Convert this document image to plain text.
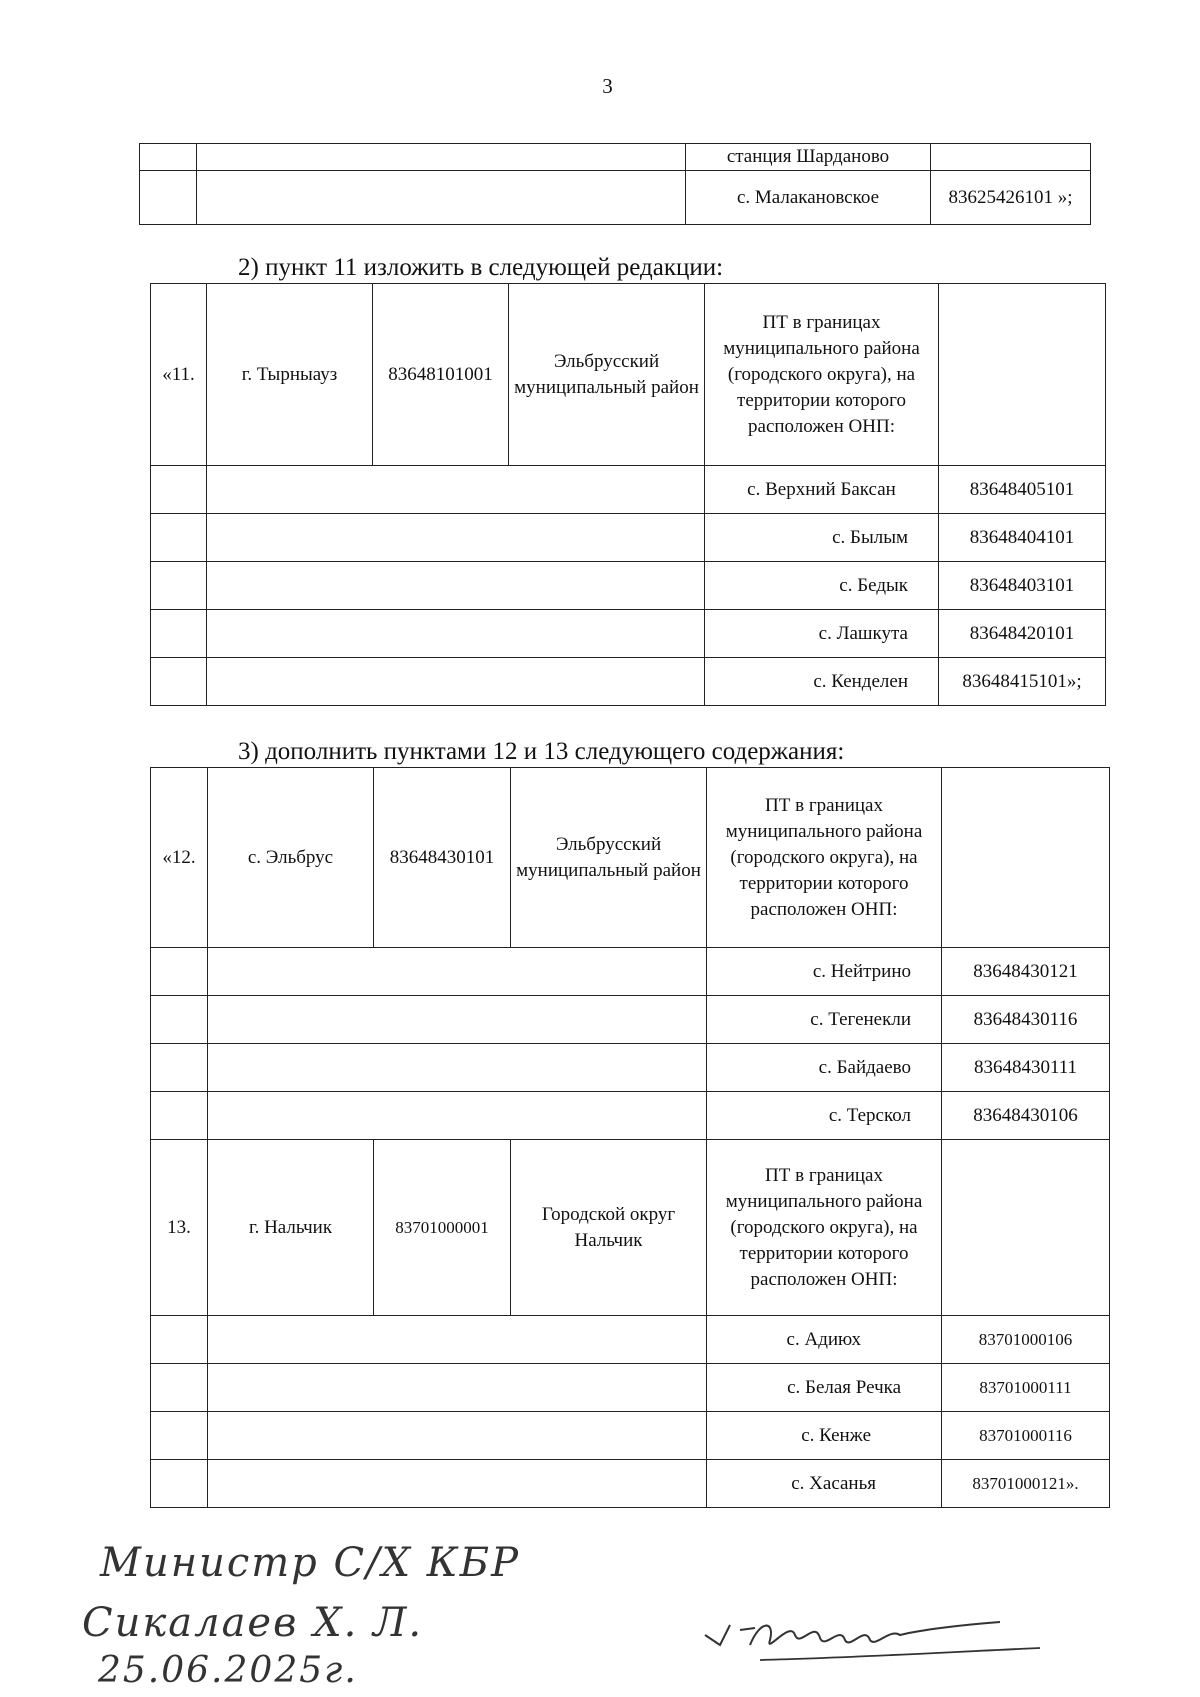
3
		станция Шарданово	
		с. Малакановское	83625426101 »;
2) пункт 11 изложить в следующей редакции:
«11.	г. Тырныауз	83648101001	Эльбрусский муниципальный район	ПТ в границах муниципального района (городского округа), на территории которого расположен ОНП:	
				с. Верхний Баксан	83648405101
				с. Былым	83648404101
				с. Бедык	83648403101
				с. Лашкута	83648420101
				с. Кенделен	83648415101»;
3) дополнить пунктами 12 и 13 следующего содержания:
«12.	с. Эльбрус	83648430101	Эльбрусский муниципальный район	ПТ в границах муниципального района (городского округа), на территории которого расположен ОНП:	
				с. Нейтрино	83648430121
				с. Тегенекли	83648430116
				с. Байдаево	83648430111
				с. Терскол	83648430106
13.	г. Нальчик	83701000001	Городской округ Нальчик	ПТ в границах муниципального района (городского округа), на территории которого расположен ОНП:	
				с. Адиюх	83701000106
				с. Белая Речка	83701000111
				с. Кенже	83701000116
				с. Хасанья	83701000121».
Министр С/Х КБР
Сикалаев Х. Л.
25.06.2025г.
